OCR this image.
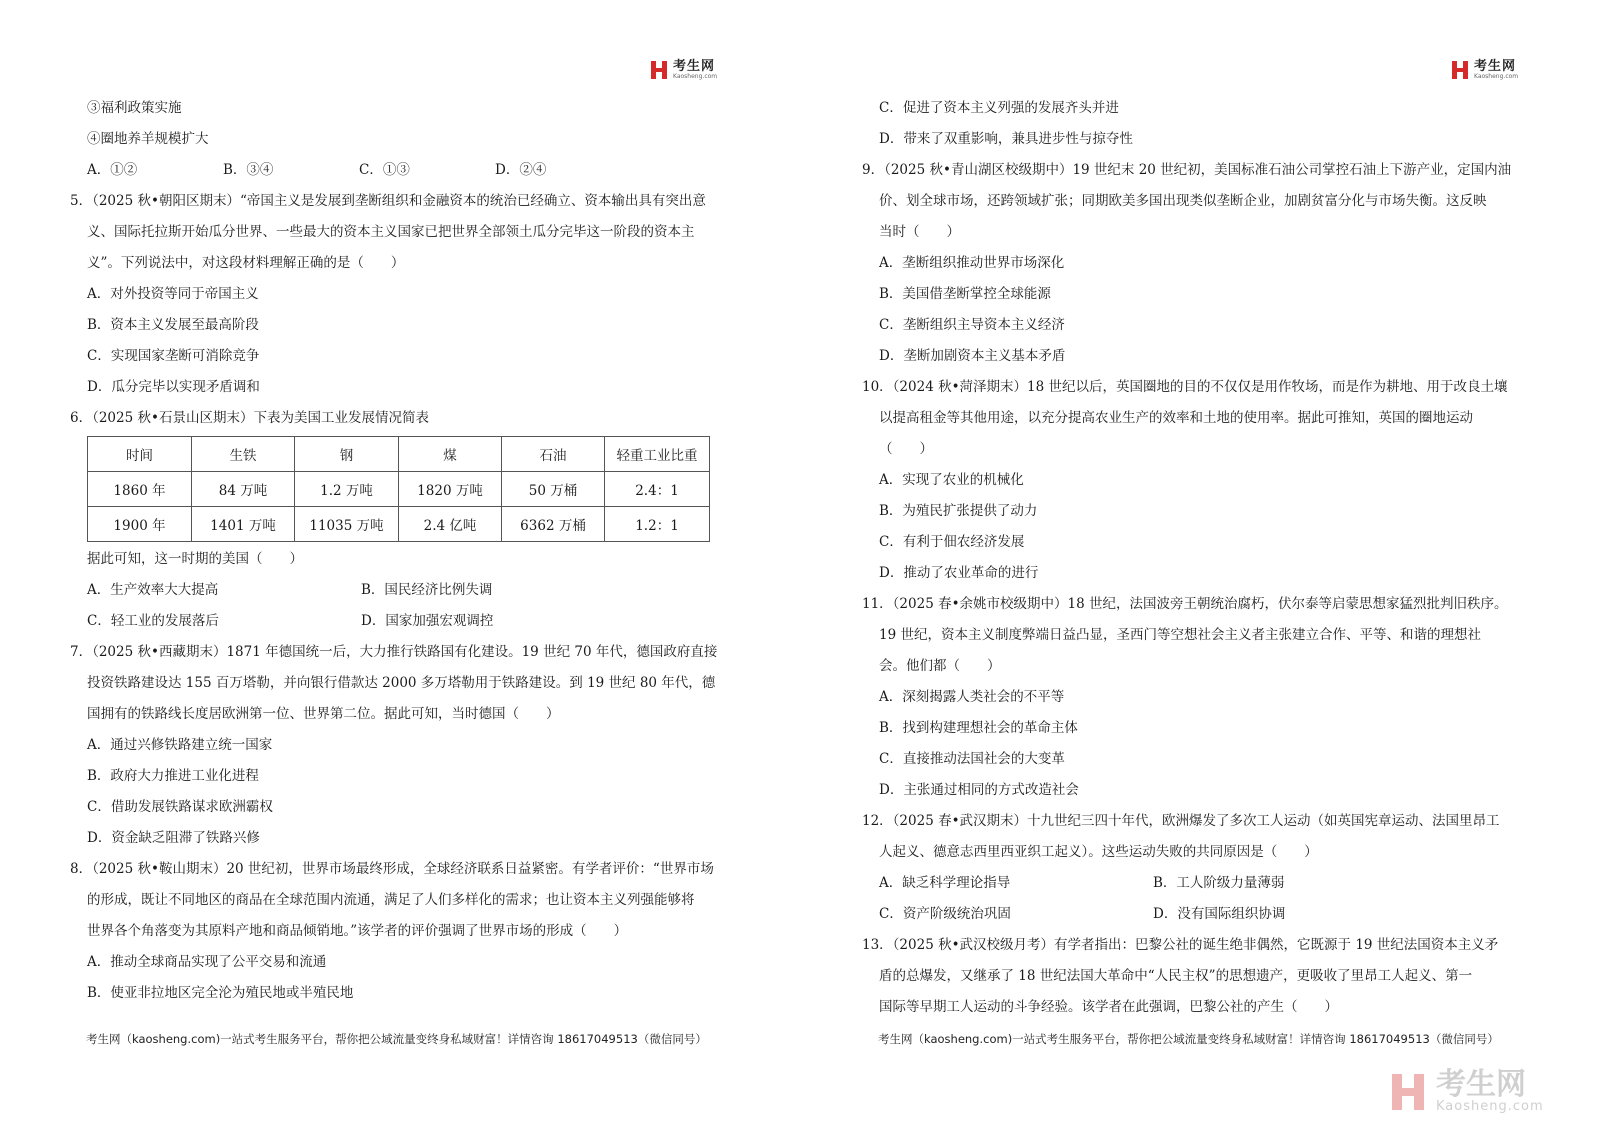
考生网
Kaosheng.com
③福利政策实施
④圈地养羊规模扩大
A．①②	B．③④	C．①③	D．②④
5．（2025 秋•朝阳区期末）“帝国主义是发展到垄断组织和金融资本的统治已经确立、资本输出具有突出意
义、国际托拉斯开始瓜分世界、一些最大的资本主义国家已把世界全部领土瓜分完毕这一阶段的资本主
义”。下列说法中，对这段材料理解正确的是（　　）
A．对外投资等同于帝国主义
B．资本主义发展至最高阶段
C．实现国家垄断可消除竞争
D．瓜分完毕以实现矛盾调和
6．（2025 秋•石景山区期末）下表为美国工业发展情况简表
时间	生铁	钢	煤	石油	轻重工业比重
1860 年	84 万吨	1.2 万吨	1820 万吨	50 万桶	2.4：1
1900 年	1401 万吨	11035 万吨	2.4 亿吨	6362 万桶	1.2：1
据此可知，这一时期的美国（　　）
A．生产效率大大提高	B．国民经济比例失调
C．轻工业的发展落后	D．国家加强宏观调控
7．（2025 秋•西藏期末）1871 年德国统一后，大力推行铁路国有化建设。19 世纪 70 年代，德国政府直接
投资铁路建设达 155 百万塔勒，并向银行借款达 2000 多万塔勒用于铁路建设。到 19 世纪 80 年代，德
国拥有的铁路线长度居欧洲第一位、世界第二位。据此可知，当时德国（　　）
A．通过兴修铁路建立统一国家
B．政府大力推进工业化进程
C．借助发展铁路谋求欧洲霸权
D．资金缺乏阻滞了铁路兴修
8．（2025 秋•鞍山期末）20 世纪初，世界市场最终形成，全球经济联系日益紧密。有学者评价：“世界市场
的形成，既让不同地区的商品在全球范围内流通，满足了人们多样化的需求；也让资本主义列强能够将
世界各个角落变为其原料产地和商品倾销地。”该学者的评价强调了世界市场的形成（　　）
A．推动全球商品实现了公平交易和流通
B．使亚非拉地区完全沦为殖民地或半殖民地
考生网（kaosheng.com)一站式考生服务平台，帮你把公域流量变终身私域财富！详情咨询 18617049513（微信同号）
考生网
Kaosheng.com
C．促进了资本主义列强的发展齐头并进
D．带来了双重影响，兼具进步性与掠夺性
9．（2025 秋•青山湖区校级期中）19 世纪末 20 世纪初，美国标准石油公司掌控石油上下游产业，定国内油
价、划全球市场，还跨领域扩张；同期欧美多国出现类似垄断企业，加剧贫富分化与市场失衡。这反映
当时（　　）
A．垄断组织推动世界市场深化
B．美国借垄断掌控全球能源
C．垄断组织主导资本主义经济
D．垄断加剧资本主义基本矛盾
10．（2024 秋•菏泽期末）18 世纪以后，英国圈地的目的不仅仅是用作牧场，而是作为耕地、用于改良土壤
以提高租金等其他用途，以充分提高农业生产的效率和土地的使用率。据此可推知，英国的圈地运动
（　　）
A．实现了农业的机械化
B．为殖民扩张提供了动力
C．有利于佃农经济发展
D．推动了农业革命的进行
11．（2025 春•余姚市校级期中）18 世纪，法国波旁王朝统治腐朽，伏尔泰等启蒙思想家猛烈批判旧秩序。
19 世纪，资本主义制度弊端日益凸显，圣西门等空想社会主义者主张建立合作、平等、和谐的理想社
会。他们都（　　）
A．深刻揭露人类社会的不平等
B．找到构建理想社会的革命主体
C．直接推动法国社会的大变革
D．主张通过相同的方式改造社会
12．（2025 春•武汉期末）十九世纪三四十年代，欧洲爆发了多次工人运动（如英国宪章运动、法国里昂工
人起义、德意志西里西亚织工起义）。这些运动失败的共同原因是（　　）
A．缺乏科学理论指导	B．工人阶级力量薄弱
C．资产阶级统治巩固	D．没有国际组织协调
13．（2025 秋•武汉校级月考）有学者指出：巴黎公社的诞生绝非偶然，它既源于 19 世纪法国资本主义矛
盾的总爆发，又继承了 18 世纪法国大革命中“人民主权”的思想遗产，更吸收了里昂工人起义、第一
国际等早期工人运动的斗争经验。该学者在此强调，巴黎公社的产生（　　）
考生网（kaosheng.com)一站式考生服务平台，帮你把公域流量变终身私域财富！详情咨询 18617049513（微信同号）
考生网
Kaosheng.com
